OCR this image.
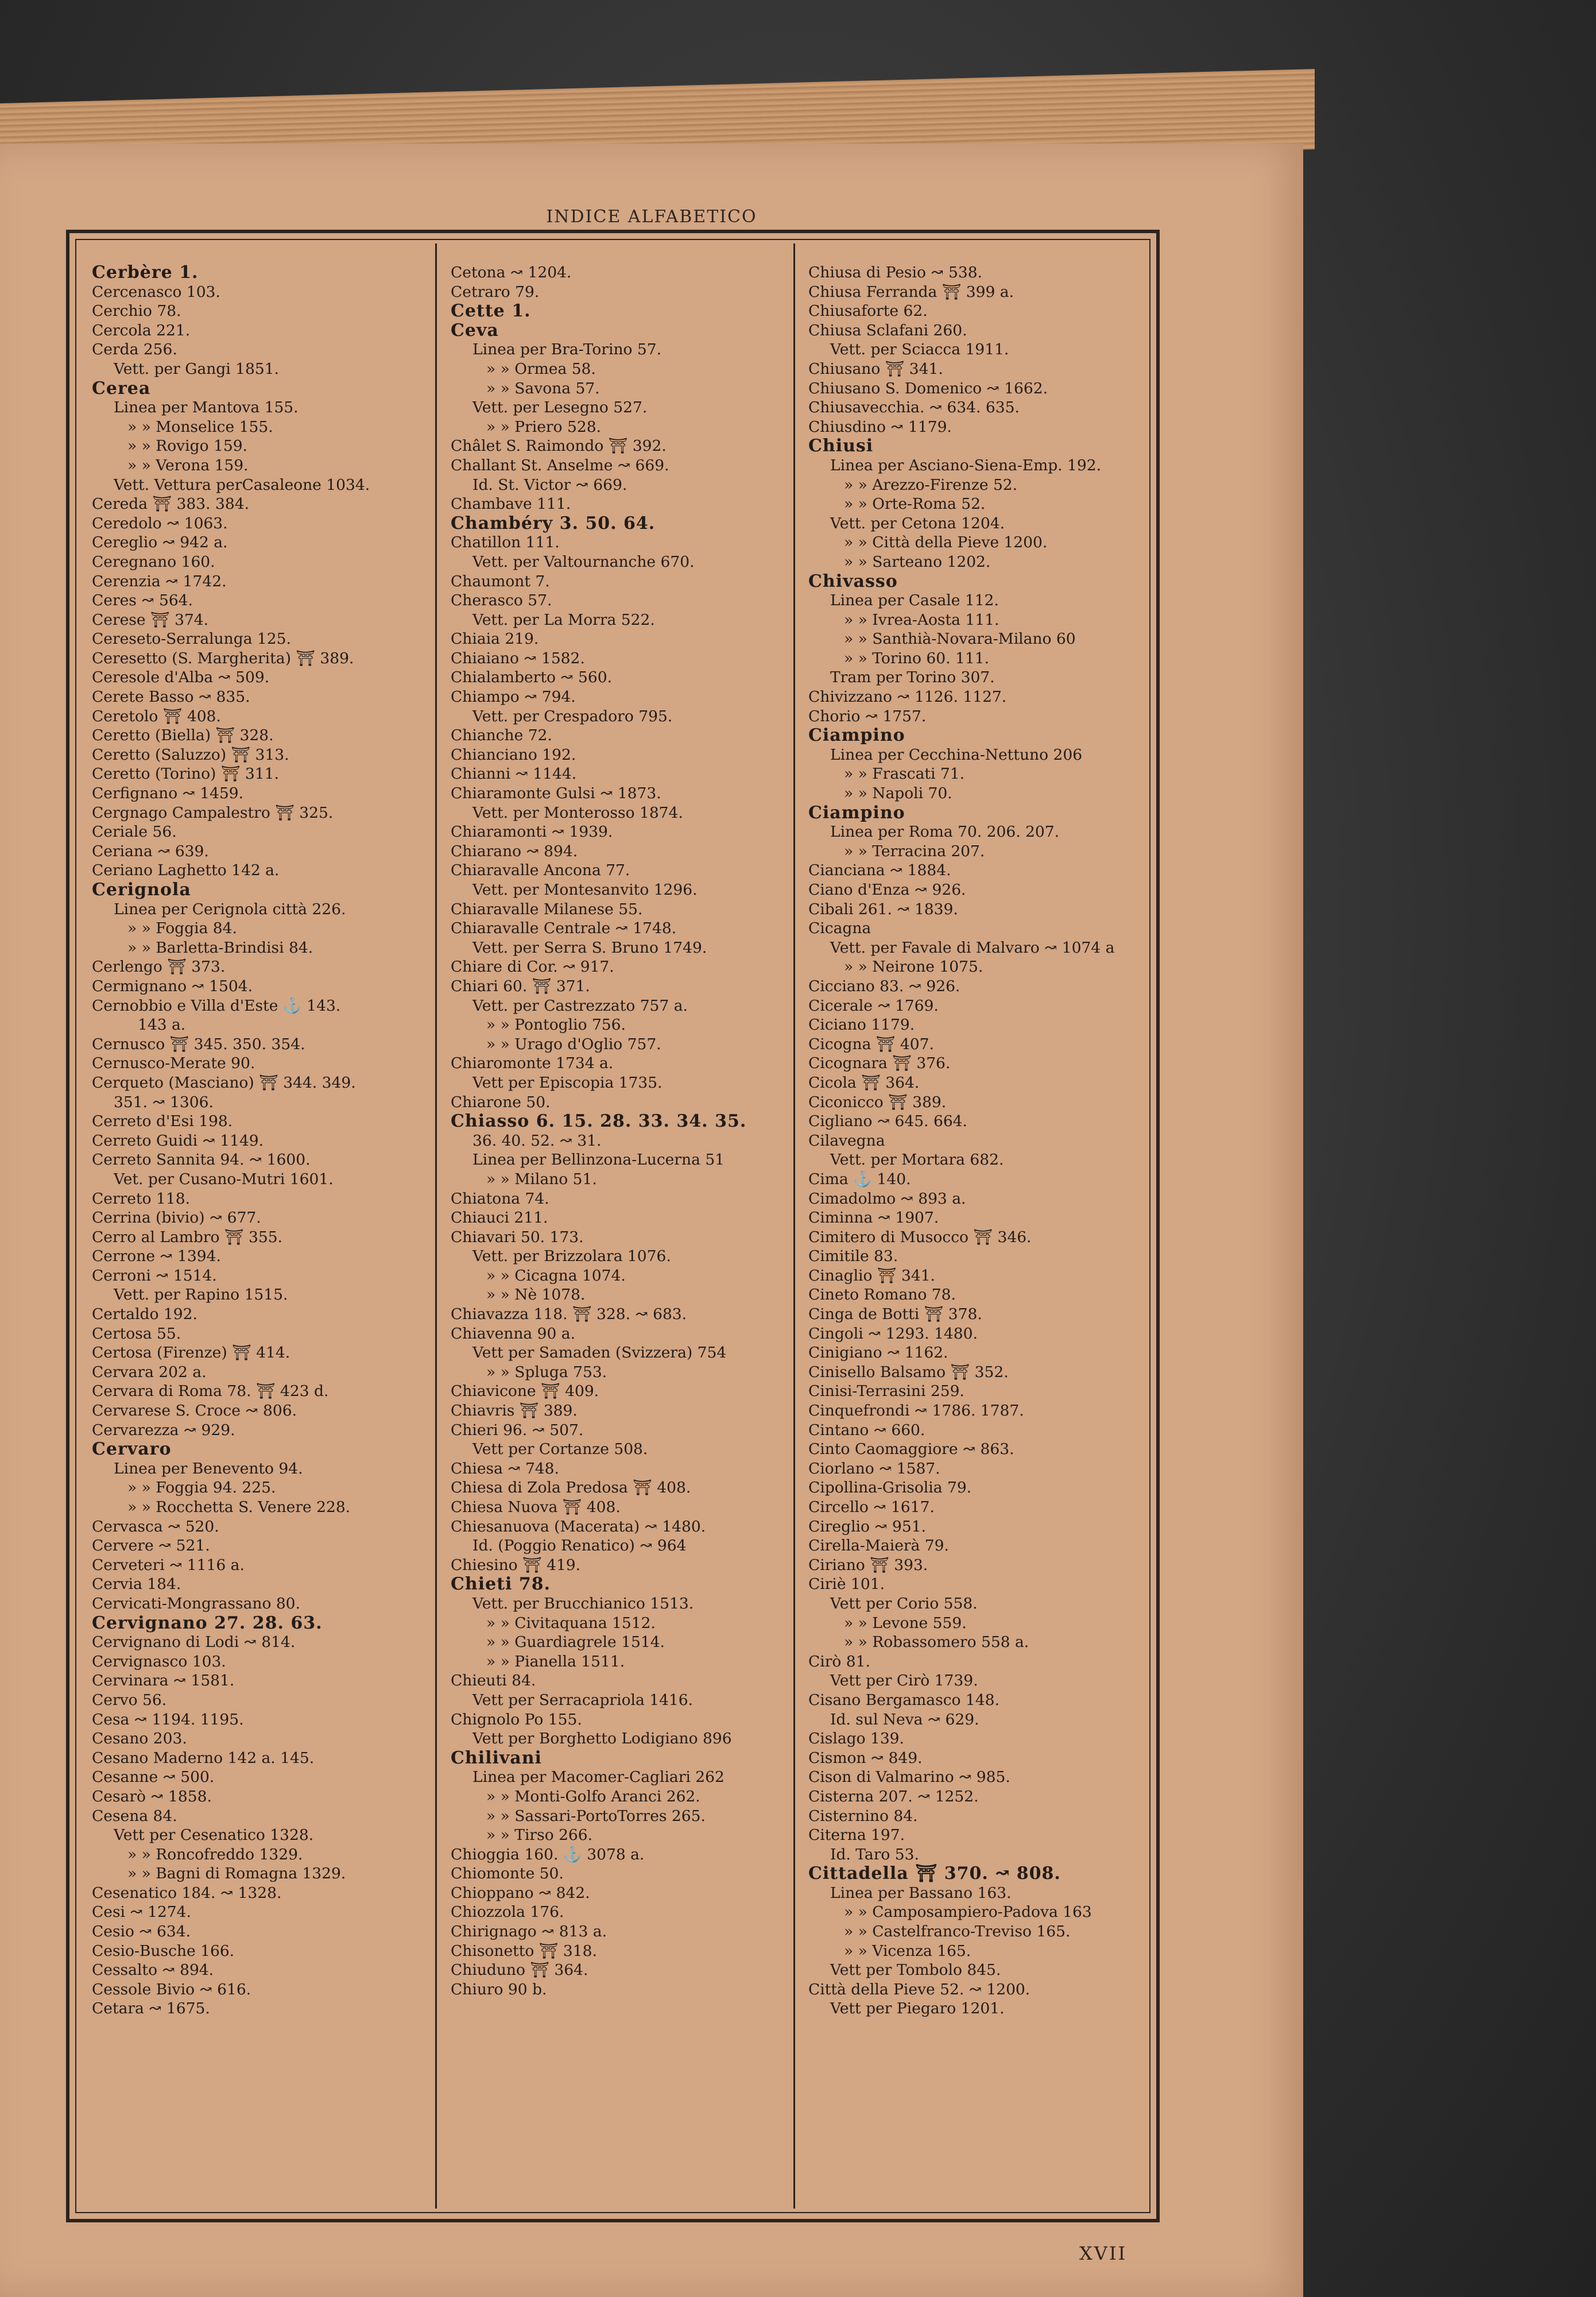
INDICE ALFABETICO
Cerbère 1.
Cercenasco 103.
Cerchio 78.
Cercola 221.
Cerda 256.
Vett. per Gangi 1851.
Cerea
Linea per Mantova 155.
» » Monselice 155.
» » Rovigo 159.
» » Verona 159.
Vett. Vettura perCasaleone 1034.
Cereda ⛩ 383. 384.
Ceredolo ↝ 1063.
Cereglio ↝ 942 a.
Ceregnano 160.
Cerenzia ↝ 1742.
Ceres ↝ 564.
Cerese ⛩ 374.
Cereseto-Serralunga 125.
Ceresetto (S. Margherita) ⛩ 389.
Ceresole d'Alba ↝ 509.
Cerete Basso ↝ 835.
Ceretolo ⛩ 408.
Ceretto (Biella) ⛩ 328.
Ceretto (Saluzzo) ⛩ 313.
Ceretto (Torino) ⛩ 311.
Cerfignano ↝ 1459.
Cergnago Campalestro ⛩ 325.
Ceriale 56.
Ceriana ↝ 639.
Ceriano Laghetto 142 a.
Cerignola
Linea per Cerignola città 226.
» » Foggia 84.
» » Barletta-Brindisi 84.
Cerlengo ⛩ 373.
Cermignano ↝ 1504.
Cernobbio e Villa d'Este ⚓ 143.
143 a.
Cernusco ⛩ 345. 350. 354.
Cernusco-Merate 90.
Cerqueto (Masciano) ⛩ 344. 349.
351. ↝ 1306.
Cerreto d'Esi 198.
Cerreto Guidi ↝ 1149.
Cerreto Sannita 94. ↝ 1600.
Vet. per Cusano-Mutri 1601.
Cerreto 118.
Cerrina (bivio) ↝ 677.
Cerro al Lambro ⛩ 355.
Cerrone ↝ 1394.
Cerroni ↝ 1514.
Vett. per Rapino 1515.
Certaldo 192.
Certosa 55.
Certosa (Firenze) ⛩ 414.
Cervara 202 a.
Cervara di Roma 78. ⛩ 423 d.
Cervarese S. Croce ↝ 806.
Cervarezza ↝ 929.
Cervaro
Linea per Benevento 94.
» » Foggia 94. 225.
» » Rocchetta S. Venere 228.
Cervasca ↝ 520.
Cervere ↝ 521.
Cerveteri ↝ 1116 a.
Cervia 184.
Cervicati-Mongrassano 80.
Cervignano 27. 28. 63.
Cervignano di Lodi ↝ 814.
Cervignasco 103.
Cervinara ↝ 1581.
Cervo 56.
Cesa ↝ 1194. 1195.
Cesano 203.
Cesano Maderno 142 a. 145.
Cesanne ↝ 500.
Cesarò ↝ 1858.
Cesena 84.
Vett per Cesenatico 1328.
» » Roncofreddo 1329.
» » Bagni di Romagna 1329.
Cesenatico 184. ↝ 1328.
Cesi ↝ 1274.
Cesio ↝ 634.
Cesio-Busche 166.
Cessalto ↝ 894.
Cessole Bivio ↝ 616.
Cetara ↝ 1675.
Cetona ↝ 1204.
Cetraro 79.
Cette 1.
Ceva
Linea per Bra-Torino 57.
» » Ormea 58.
» » Savona 57.
Vett. per Lesegno 527.
» » Priero 528.
Châlet S. Raimondo ⛩ 392.
Challant St. Anselme ↝ 669.
Id. St. Victor ↝ 669.
Chambave 111.
Chambéry 3. 50. 64.
Chatillon 111.
Vett. per Valtournanche 670.
Chaumont 7.
Cherasco 57.
Vett. per La Morra 522.
Chiaia 219.
Chiaiano ↝ 1582.
Chialamberto ↝ 560.
Chiampo ↝ 794.
Vett. per Crespadoro 795.
Chianche 72.
Chianciano 192.
Chianni ↝ 1144.
Chiaramonte Gulsi ↝ 1873.
Vett. per Monterosso 1874.
Chiaramonti ↝ 1939.
Chiarano ↝ 894.
Chiaravalle Ancona 77.
Vett. per Montesanvito 1296.
Chiaravalle Milanese 55.
Chiaravalle Centrale ↝ 1748.
Vett. per Serra S. Bruno 1749.
Chiare di Cor. ↝ 917.
Chiari 60. ⛩ 371.
Vett. per Castrezzato 757 a.
» » Pontoglio 756.
» » Urago d'Oglio 757.
Chiaromonte 1734 a.
Vett per Episcopia 1735.
Chiarone 50.
Chiasso 6. 15. 28. 33. 34. 35.
36. 40. 52. ↝ 31.
Linea per Bellinzona-Lucerna 51
» » Milano 51.
Chiatona 74.
Chiauci 211.
Chiavari 50. 173.
Vett. per Brizzolara 1076.
» » Cicagna 1074.
» » Nè 1078.
Chiavazza 118. ⛩ 328. ↝ 683.
Chiavenna 90 a.
Vett per Samaden (Svizzera) 754
» » Spluga 753.
Chiavicone ⛩ 409.
Chiavris ⛩ 389.
Chieri 96. ↝ 507.
Vett per Cortanze 508.
Chiesa ↝ 748.
Chiesa di Zola Predosa ⛩ 408.
Chiesa Nuova ⛩ 408.
Chiesanuova (Macerata) ↝ 1480.
Id. (Poggio Renatico) ↝ 964
Chiesino ⛩ 419.
Chieti 78.
Vett. per Brucchianico 1513.
» » Civitaquana 1512.
» » Guardiagrele 1514.
» » Pianella 1511.
Chieuti 84.
Vett per Serracapriola 1416.
Chignolo Po 155.
Vett per Borghetto Lodigiano 896
Chilivani
Linea per Macomer-Cagliari 262
» » Monti-Golfo Aranci 262.
» » Sassari-PortoTorres 265.
» » Tirso 266.
Chioggia 160. ⚓ 3078 a.
Chiomonte 50.
Chioppano ↝ 842.
Chiozzola 176.
Chirignago ↝ 813 a.
Chisonetto ⛩ 318.
Chiuduno ⛩ 364.
Chiuro 90 b.
Chiusa di Pesio ↝ 538.
Chiusa Ferranda ⛩ 399 a.
Chiusaforte 62.
Chiusa Sclafani 260.
Vett. per Sciacca 1911.
Chiusano ⛩ 341.
Chiusano S. Domenico ↝ 1662.
Chiusavecchia. ↝ 634. 635.
Chiusdino ↝ 1179.
Chiusi
Linea per Asciano-Siena-Emp. 192.
» » Arezzo-Firenze 52.
» » Orte-Roma 52.
Vett. per Cetona 1204.
» » Città della Pieve 1200.
» » Sarteano 1202.
Chivasso
Linea per Casale 112.
» » Ivrea-Aosta 111.
» » Santhià-Novara-Milano 60
» » Torino 60. 111.
Tram per Torino 307.
Chivizzano ↝ 1126. 1127.
Chorio ↝ 1757.
Ciampino
Linea per Cecchina-Nettuno 206
» » Frascati 71.
» » Napoli 70.
Ciampino
Linea per Roma 70. 206. 207.
» » Terracina 207.
Cianciana ↝ 1884.
Ciano d'Enza ↝ 926.
Cibali 261. ↝ 1839.
Cicagna
Vett. per Favale di Malvaro ↝ 1074 a
» » Neirone 1075.
Cicciano 83. ↝ 926.
Cicerale ↝ 1769.
Ciciano 1179.
Cicogna ⛩ 407.
Cicognara ⛩ 376.
Cicola ⛩ 364.
Ciconicco ⛩ 389.
Cigliano ↝ 645. 664.
Cilavegna
Vett. per Mortara 682.
Cima ⚓ 140.
Cimadolmo ↝ 893 a.
Ciminna ↝ 1907.
Cimitero di Musocco ⛩ 346.
Cimitile 83.
Cinaglio ⛩ 341.
Cineto Romano 78.
Cinga de Botti ⛩ 378.
Cingoli ↝ 1293. 1480.
Cinigiano ↝ 1162.
Cinisello Balsamo ⛩ 352.
Cinisi-Terrasini 259.
Cinquefrondi ↝ 1786. 1787.
Cintano ↝ 660.
Cinto Caomaggiore ↝ 863.
Ciorlano ↝ 1587.
Cipollina-Grisolia 79.
Circello ↝ 1617.
Cireglio ↝ 951.
Cirella-Maierà 79.
Ciriano ⛩ 393.
Ciriè 101.
Vett per Corio 558.
» » Levone 559.
» » Robassomero 558 a.
Cirò 81.
Vett per Cirò 1739.
Cisano Bergamasco 148.
Id. sul Neva ↝ 629.
Cislago 139.
Cismon ↝ 849.
Cison di Valmarino ↝ 985.
Cisterna 207. ↝ 1252.
Cisternino 84.
Citerna 197.
Id. Taro 53.
Cittadella ⛩ 370. ↝ 808.
Linea per Bassano 163.
» » Camposampiero-Padova 163
» » Castelfranco-Treviso 165.
» » Vicenza 165.
Vett per Tombolo 845.
Città della Pieve 52. ↝ 1200.
Vett per Piegaro 1201.
XVII
